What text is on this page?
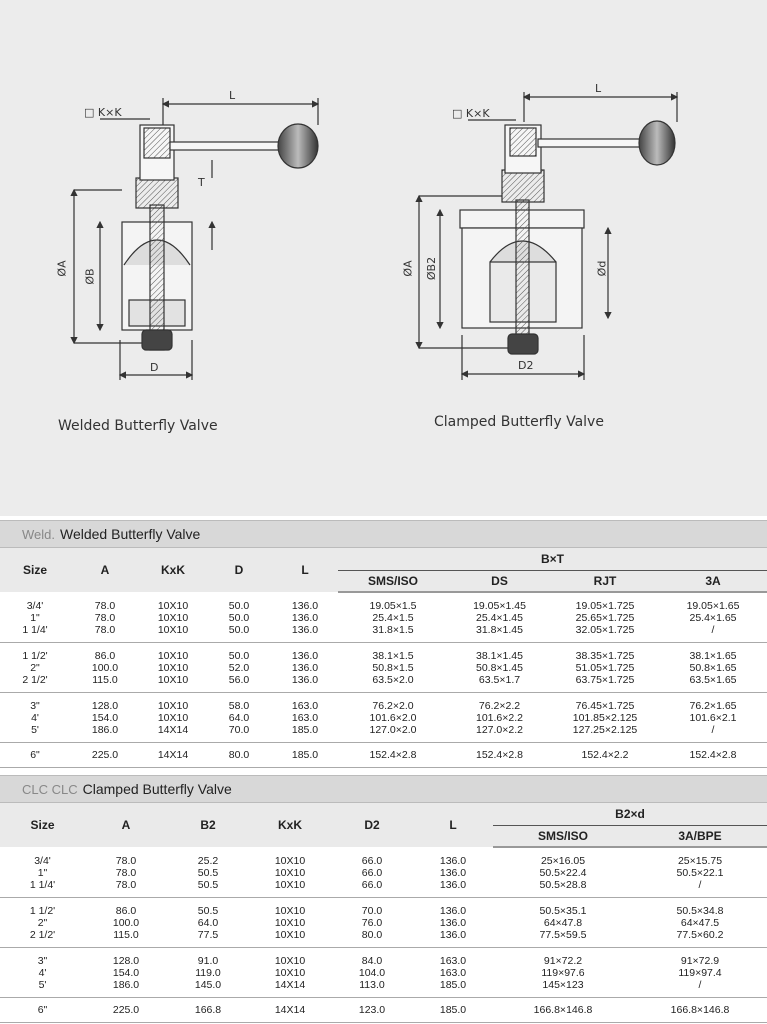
□ K×K
L
T
ØA ØB
D
Welded Butterfly Valve
□ K×K
L
ØA ØB2	Ød
D2
Clamped Butterfly Valve
Weld. Welded Butterfly Valve
Size	A	KxK	D	L	B×T			
					SMS/ISO	DS	RJT	3A
3/4'	78.0	10X10	50.0	136.0	19.05×1.5	19.05×1.45	19.05×1.725	19.05×1.65
1"	78.0	10X10	50.0	136.0	25.4×1.5	25.4×1.45	25.65×1.725	25.4×1.65
1 1/4'	78.0	10X10	50.0	136.0	31.8×1.5	31.8×1.45	32.05×1.725	/
1 1/2'	86.0	10X10	50.0	136.0	38.1×1.5	38.1×1.45	38.35×1.725	38.1×1.65
2"	100.0	10X10	52.0	136.0	50.8×1.5	50.8×1.45	51.05×1.725	50.8×1.65
2 1/2'	115.0	10X10	56.0	136.0	63.5×2.0	63.5×1.7	63.75×1.725	63.5×1.65
3"	128.0	10X10	58.0	163.0	76.2×2.0	76.2×2.2	76.45×1.725	76.2×1.65
4'	154.0	10X10	64.0	163.0	101.6×2.0	101.6×2.2	101.85×2.125	101.6×2.1
5'	186.0	14X14	70.0	185.0	127.0×2.0	127.0×2.2	127.25×2.125	/
6"	225.0	14X14	80.0	185.0	152.4×2.8	152.4×2.8	152.4×2.2	152.4×2.8
CLC CLC Clamped Butterfly Valve
Size	A	B2	KxK	D2	L	B2×d	
						SMS/ISO	3A/BPE
3/4'	78.0	25.2	10X10	66.0	136.0	25×16.05	25×15.75
1"	78.0	50.5	10X10	66.0	136.0	50.5×22.4	50.5×22.1
1 1/4'	78.0	50.5	10X10	66.0	136.0	50.5×28.8	/
1 1/2'	86.0	50.5	10X10	70.0	136.0	50.5×35.1	50.5×34.8
2"	100.0	64.0	10X10	76.0	136.0	64×47.8	64×47.5
2 1/2'	115.0	77.5	10X10	80.0	136.0	77.5×59.5	77.5×60.2
3"	128.0	91.0	10X10	84.0	163.0	91×72.2	91×72.9
4'	154.0	119.0	10X10	104.0	163.0	119×97.6	119×97.4
5'	186.0	145.0	14X14	113.0	185.0	145×123	/
6"	225.0	166.8	14X14	123.0	185.0	166.8×146.8	166.8×146.8
